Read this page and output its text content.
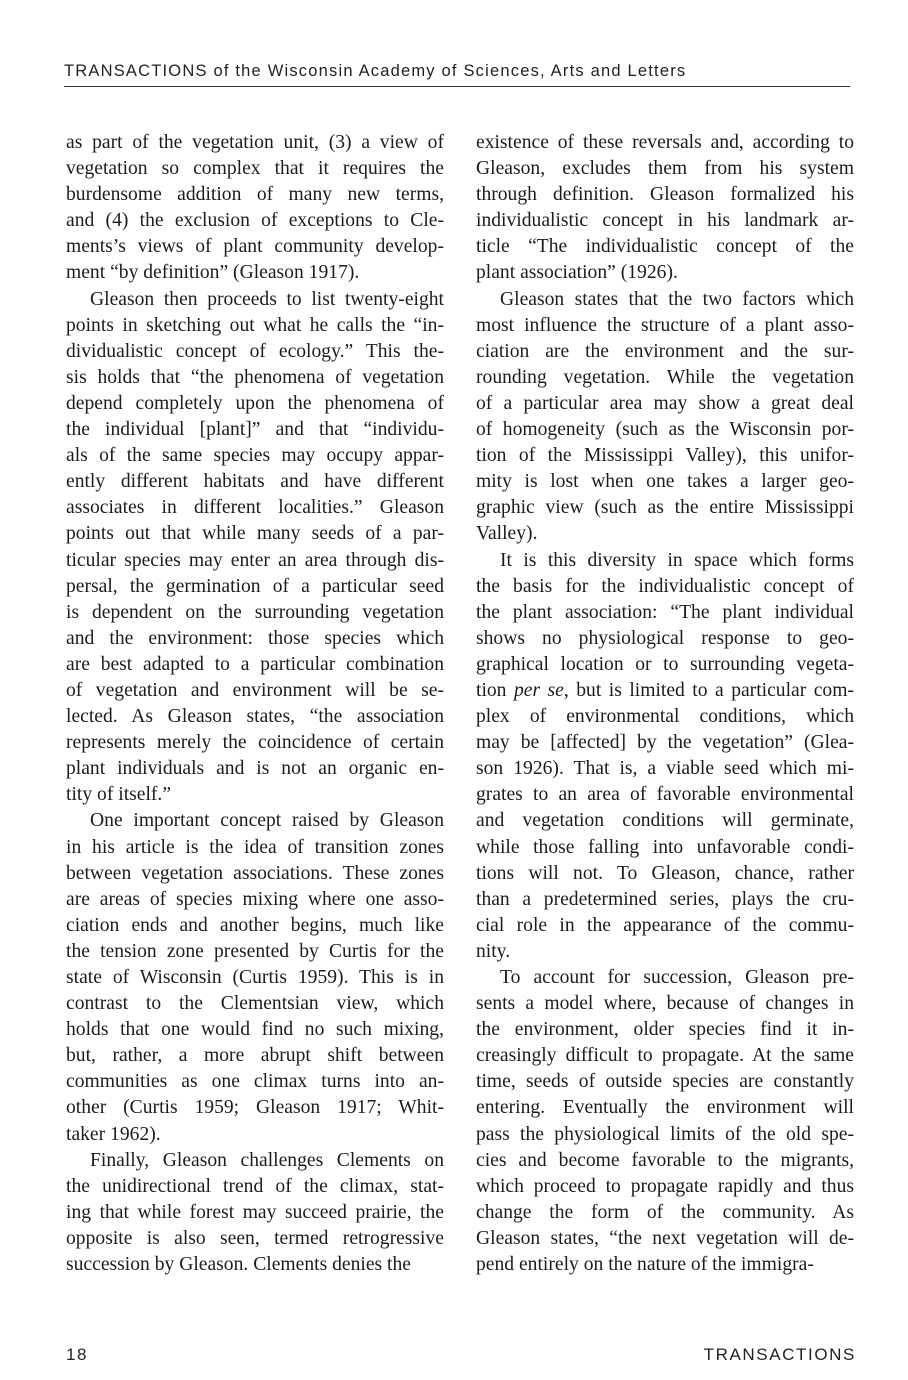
TRANSACTIONS of the Wisconsin Academy of Sciences, Arts and Letters

as part of the vegetation unit, (3) a view of
vegetation so complex that it requires the
burdensome addition of many new terms,
and (4) the exclusion of exceptions to Cle-
ments’s views of plant community develop-
ment “by definition” (Gleason 1917).

Gleason then proceeds to list twenty-eight
points in sketching out what he calls the “in-
dividualistic concept of ecology.” This the-
sis holds that “the phenomena of vegetation
depend completely upon the phenomena of
the individual [plant]” and that “individu-
als of the same species may occupy appar-
ently different habitats and have different
associates in different localities.” Gleason
points out that while many seeds of a par-
ticular species may enter an area through dis-
persal, the germination of a particular seed
is dependent on the surrounding vegetation
and the environment: those species which
are best adapted to a particular combination
of vegetation and environment will be se-
lected. As Gleason states, “the association
represents merely the coincidence of certain
plant individuals and is not an organic en-
tity of itself.”

One important concept raised by Gleason
in his article is the idea of transition zones
between vegetation associations. These zones
are areas of species mixing where one asso-
ciation ends and another begins, much like
the tension zone presented by Curtis for the
state of Wisconsin (Curtis 1959). This is in
contrast to the Clementsian view, which
holds that one would find no such mixing,
but, rather, a more abrupt shift between
communities as one climax turns into an-
other (Curtis 1959; Gleason 1917; Whit-
taker 1962).

Finally, Gleason challenges Clements on
the unidirectional trend of the climax, stat-
ing that while forest may succeed prairie, the
opposite is also seen, termed retrogressive
succession by Gleason. Clements denies the

existence of these reversals and, according to
Gleason, excludes them from his system
through definition. Gleason formalized his
individualistic concept in his landmark ar-
ticle “The individualistic concept of the
plant association” (1926).

Gleason states that the two factors which
most influence the structure of a plant asso-
ciation are the environment and the sur-
rounding vegetation. While the vegetation
of a particular area may show a great deal
of homogeneity (such as the Wisconsin por-
tion of the Mississippi Valley), this unifor-
mity is lost when one takes a larger geo-
graphic view (such as the entire Mississippi
Valley).

It is this diversity in space which forms
the basis for the individualistic concept of
the plant association: “The plant individual
shows no physiological response to geo-
graphical location or to surrounding vegeta-
tion per se, but is limited to a particular com-
plex of environmental conditions, which
may be [affected] by the vegetation” (Glea-
son 1926). That is, a viable seed which mi-
grates to an area of favorable environmental
and vegetation conditions will germinate,
while those falling into unfavorable condi-
tions will not. To Gleason, chance, rather
than a predetermined series, plays the cru-
cial role in the appearance of the commu-
nity.

To account for succession, Gleason pre-
sents a model where, because of changes in
the environment, older species find it in-
creasingly difficult to propagate. At the same
time, seeds of outside species are constantly
entering. Eventually the environment will
pass the physiological limits of the old spe-
cies and become favorable to the migrants,
which proceed to propagate rapidly and thus
change the form of the community. As
Gleason states, “the next vegetation will de-
pend entirely on the nature of the immigra-

18	TRANSACTIONS
